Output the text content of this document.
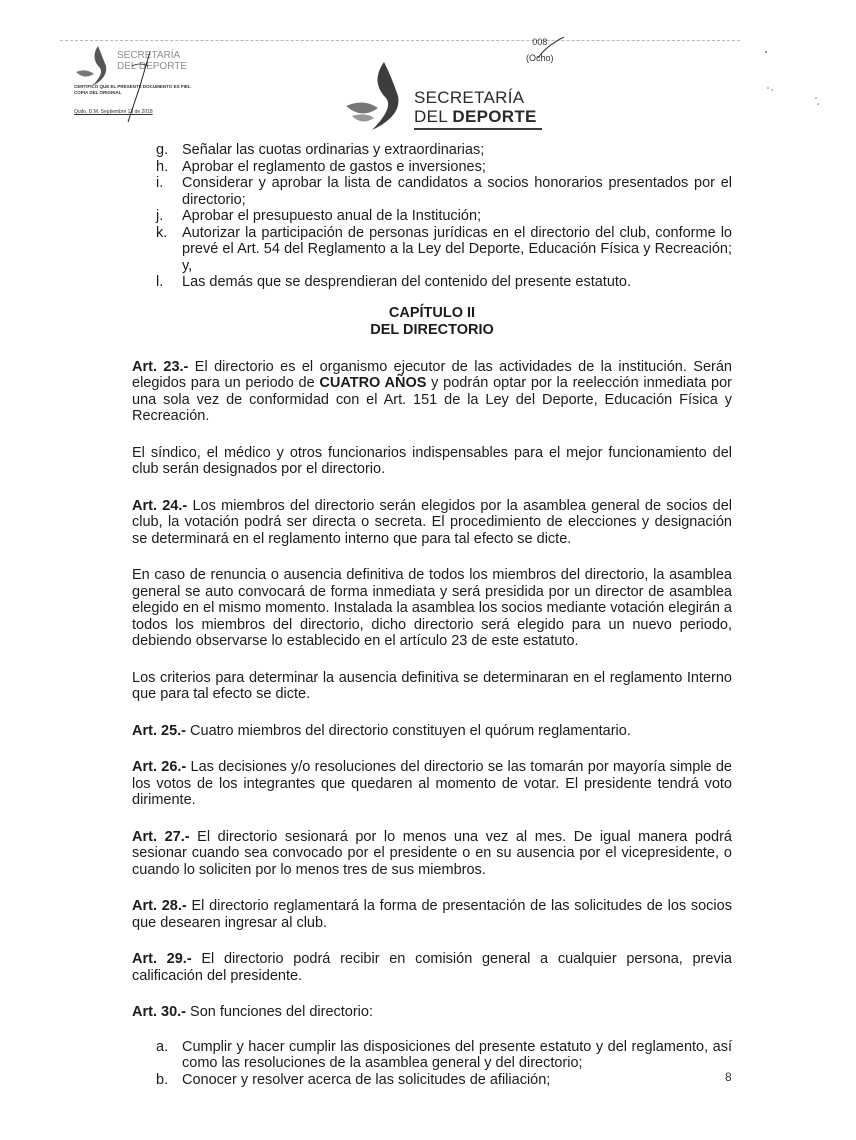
008
(Ocho)
SECRETARÍA
DEL DEPORTE
CERTIFICO QUE EL PRESENTE DOCUMENTO ES FIEL COPIA DEL ORIGINAL
Quito, D.M. Septiembre 13 de 2018
SECRETARÍA
DEL DEPORTE
g. Señalar las cuotas ordinarias y extraordinarias;
h. Aprobar el reglamento de gastos e inversiones;
i. Considerar y aprobar la lista de candidatos a socios honorarios presentados por el directorio;
j. Aprobar el presupuesto anual de la Institución;
k. Autorizar la participación de personas jurídicas en el directorio del club, conforme lo prevé el Art. 54 del Reglamento a la Ley del Deporte, Educación Física y Recreación; y,
l. Las demás que se desprendieran del contenido del presente estatuto.
CAPÍTULO II
DEL DIRECTORIO

Art. 23.- El directorio es el organismo ejecutor de las actividades de la institución. Serán elegidos para un periodo de CUATRO AÑOS y podrán optar por la reelección inmediata por una sola vez de conformidad con el Art. 151 de la Ley del Deporte, Educación Física y Recreación.

El síndico, el médico y otros funcionarios indispensables para el mejor funcionamiento del club serán designados por el directorio.

Art. 24.- Los miembros del directorio serán elegidos por la asamblea general de socios del club, la votación podrá ser directa o secreta. El procedimiento de elecciones y designación se determinará en el reglamento interno que para tal efecto se dicte.

En caso de renuncia o ausencia definitiva de todos los miembros del directorio, la asamblea general se auto convocará de forma inmediata y será presidida por un director de asamblea elegido en el mismo momento. Instalada la asamblea los socios mediante votación elegirán a todos los miembros del directorio, dicho directorio será elegido para un nuevo periodo, debiendo observarse lo establecido en el artículo 23 de este estatuto.

Los criterios para determinar la ausencia definitiva se determinaran en el reglamento Interno que para tal efecto se dicte.

Art. 25.- Cuatro miembros del directorio constituyen el quórum reglamentario.

Art. 26.- Las decisiones y/o resoluciones del directorio se las tomarán por mayoría simple de los votos de los integrantes que quedaren al momento de votar. El presidente tendrá voto dirimente.

Art. 27.- El directorio sesionará por lo menos una vez al mes. De igual manera podrá sesionar cuando sea convocado por el presidente o en su ausencia por el vicepresidente, o cuando lo soliciten por lo menos tres de sus miembros.

Art. 28.- El directorio reglamentará la forma de presentación de las solicitudes de los socios que desearen ingresar al club.

Art. 29.- El directorio podrá recibir en comisión general a cualquier persona, previa calificación del presidente.

Art. 30.- Son funciones del directorio:

a. Cumplir y hacer cumplir las disposiciones del presente estatuto y del reglamento, así como las resoluciones de la asamblea general y del directorio;
b. Conocer y resolver acerca de las solicitudes de afiliación;	8
